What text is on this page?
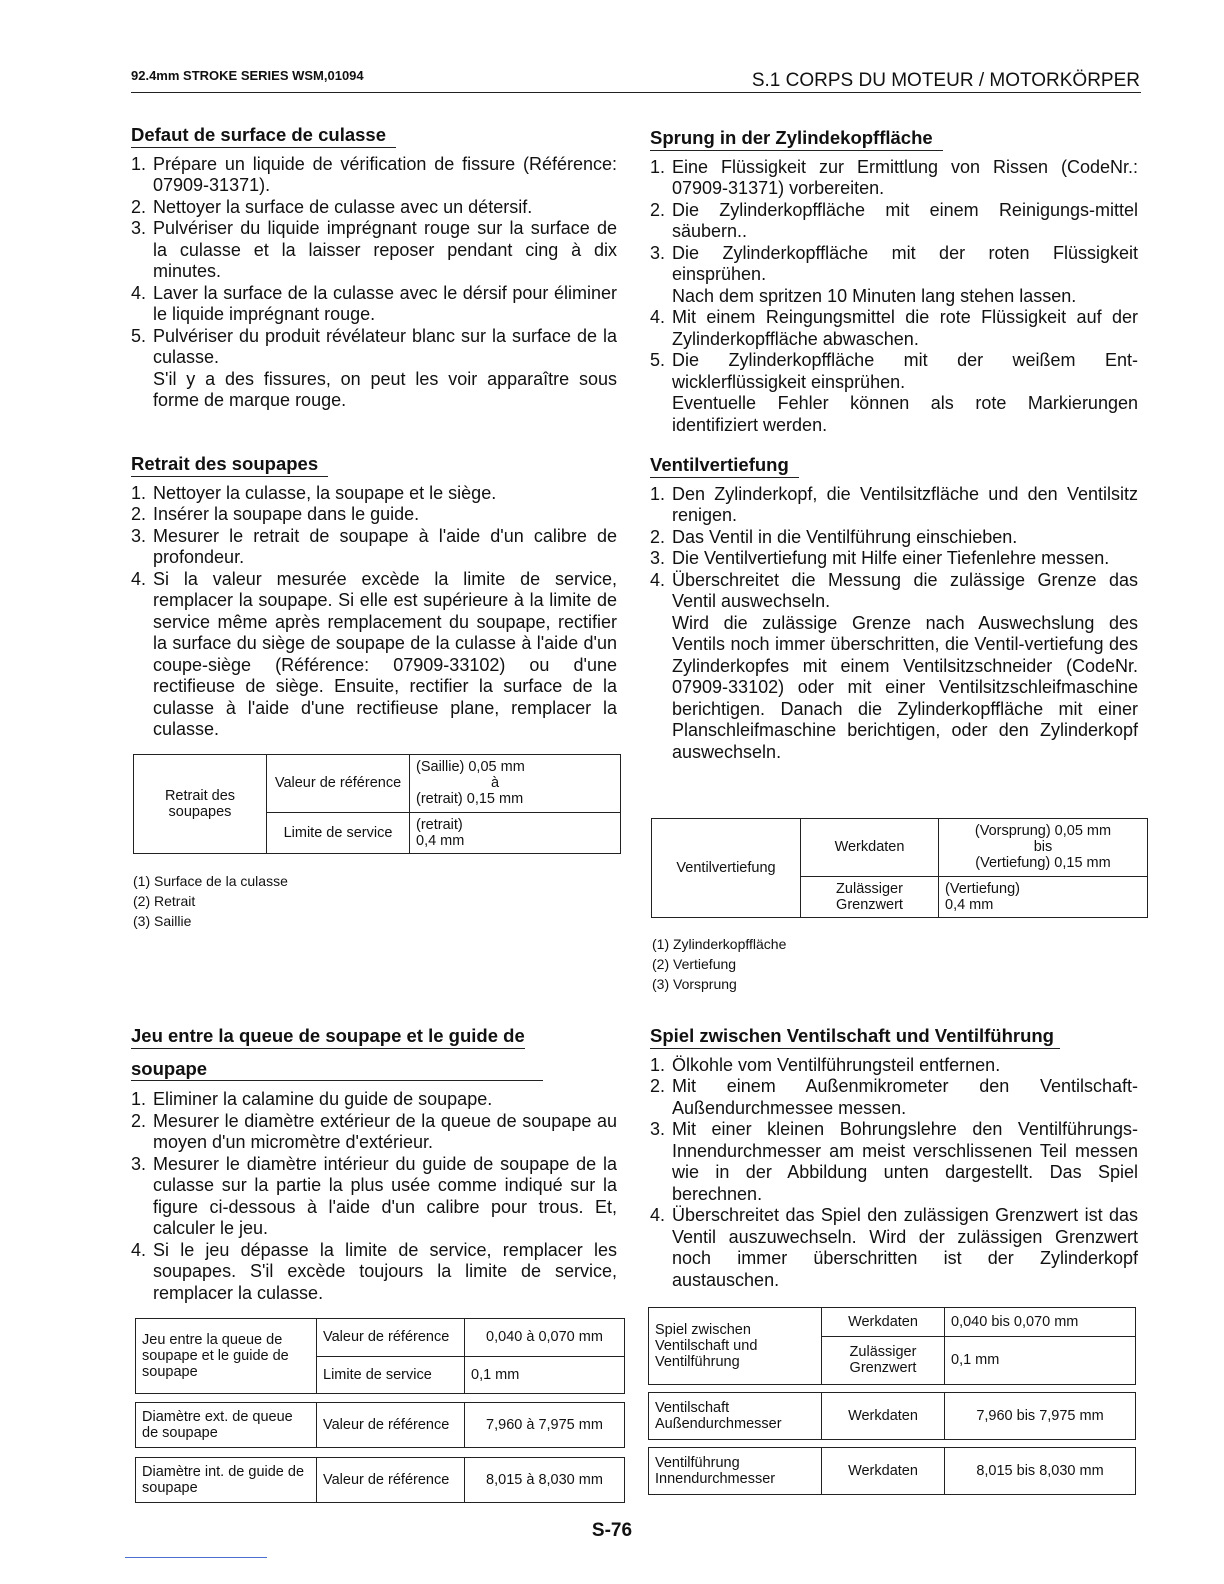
92.4mm STROKE SERIES WSM,01094	S.1 CORPS DU MOTEUR / MOTORKÖRPER
Defaut de surface de culasse
1. Prépare un liquide de vérification de fissure (Référence: 07909-31371).
2. Nettoyer la surface de culasse avec un détersif.
3. Pulvériser du liquide imprégnant rouge sur la surface de la culasse et la laisser reposer pendant cing à dix minutes.
4. Laver la surface de la culasse avec le dérsif pour éliminer le liquide imprégnant rouge.
5. Pulvériser du produit révélateur blanc sur la surface de la culasse.
S'il y a des fissures, on peut les voir apparaître sous forme de marque rouge.
Retrait des soupapes
1. Nettoyer la culasse, la soupape et le siège.
2. Insérer la soupape dans le guide.
3. Mesurer le retrait de soupape à l'aide d'un calibre de profondeur.
4. Si la valeur mesurée excède la limite de service, remplacer la soupape. Si elle est supérieure à la limite de service même après remplacement du soupape, rectifier la surface du siège de soupape de la culasse à l'aide d'un coupe-siège (Référence: 07909-33102) ou d'une rectifieuse de siège. Ensuite, rectifier la surface de la culasse à l'aide d'une rectifieuse plane, remplacer la culasse.
Retrait des soupapes	Valeur de référence	(Saillie) 0,05 mm
à
(retrait) 0,15 mm

	Limite de service	(retrait)
0,4 mm
(1) Surface de la culasse
(2) Retrait
(3) Saillie
Jeu entre la queue de soupape et le guide de
soupape
1. Eliminer la calamine du guide de soupape.
2. Mesurer le diamètre extérieur de la queue de soupape au moyen d'un micromètre d'extérieur.
3. Mesurer le diamètre intérieur du guide de soupape de la culasse sur la partie la plus usée comme indiqué sur la figure ci-dessous à l'aide d'un calibre pour trous. Et, calculer le jeu.
4. Si le jeu dépasse la limite de service, remplacer les soupapes. S'il excède toujours la limite de service, remplacer la culasse.
Jeu entre la queue de soupape et le guide de soupape	Valeur de référence	0,040 à 0,070 mm
	Limite de service	0,1 mm
Diamètre ext. de queue de soupape	Valeur de référence	7,960 à 7,975 mm
Diamètre int. de guide de soupape	Valeur de référence	8,015 à 8,030 mm
Sprung in der Zylindekopffläche
1. Eine Flüssigkeit zur Ermittlung von Rissen (CodeNr.: 07909-31371) vorbereiten.
2. Die Zylinderkopffläche mit einem Reinigungs-mittel säubern..
3. Die Zylinderkopffläche mit der roten Flüssigkeit einsprühen.
Nach dem spritzen 10 Minuten lang stehen lassen.
4. Mit einem Reingungsmittel die rote Flüssigkeit auf der Zylinderkopffläche abwaschen.
5. Die Zylinderkopffläche mit der weißem Ent-wicklerflüssigkeit einsprühen.
Eventuelle Fehler können als rote Markierungen identifiziert werden.
Ventilvertiefung
1. Den Zylinderkopf, die Ventilsitzfläche und den Ventilsitz renigen.
2. Das Ventil in die Ventilführung einschieben.
3. Die Ventilvertiefung mit Hilfe einer Tiefenlehre messen.
4. Überschreitet die Messung die zulässige Grenze das Ventil auswechseln.
Wird die zulässige Grenze nach Auswechslung des Ventils noch immer überschritten, die Ventil-vertiefung des Zylinderkopfes mit einem Ventilsitzschneider (CodeNr. 07909-33102) oder mit einer Ventilsitzschleifmaschine berichtigen. Danach die Zylinderkopffläche mit einer Planschleifmaschine berichtigen, oder den Zylinderkopf auswechseln.
Ventilvertiefung	Werkdaten	(Vorsprung) 0,05 mm
bis
(Vertiefung) 0,15 mm

	Zulässiger Grenzwert	(Vertiefung)
0,4 mm
(1) Zylinderkopffläche
(2) Vertiefung
(3) Vorsprung
Spiel zwischen Ventilschaft und Ventilführung
1. Ölkohle vom Ventilführungsteil entfernen.
2. Mit einem Außenmikrometer den Ventilschaft-Außendurchmessee messen.
3. Mit einer kleinen Bohrungslehre den Ventilführungs-Innendurchmesser am meist verschlissenen Teil messen wie in der Abbildung unten dargestellt. Das Spiel berechnen.
4. Überschreitet das Spiel den zulässigen Grenzwert ist das Ventil auszuwechseln. Wird der zulässigen Grenzwert noch immer überschritten ist der Zylinderkopf austauschen.
Spiel zwischen Ventilschaft und Ventilführung	Werkdaten	0,040 bis 0,070 mm
	Zulässiger Grenzwert	0,1 mm
Ventilschaft Außendurchmesser	Werkdaten	7,960 bis 7,975 mm
Ventilführung Innendurchmesser	Werkdaten	8,015 bis 8,030 mm
S-76
